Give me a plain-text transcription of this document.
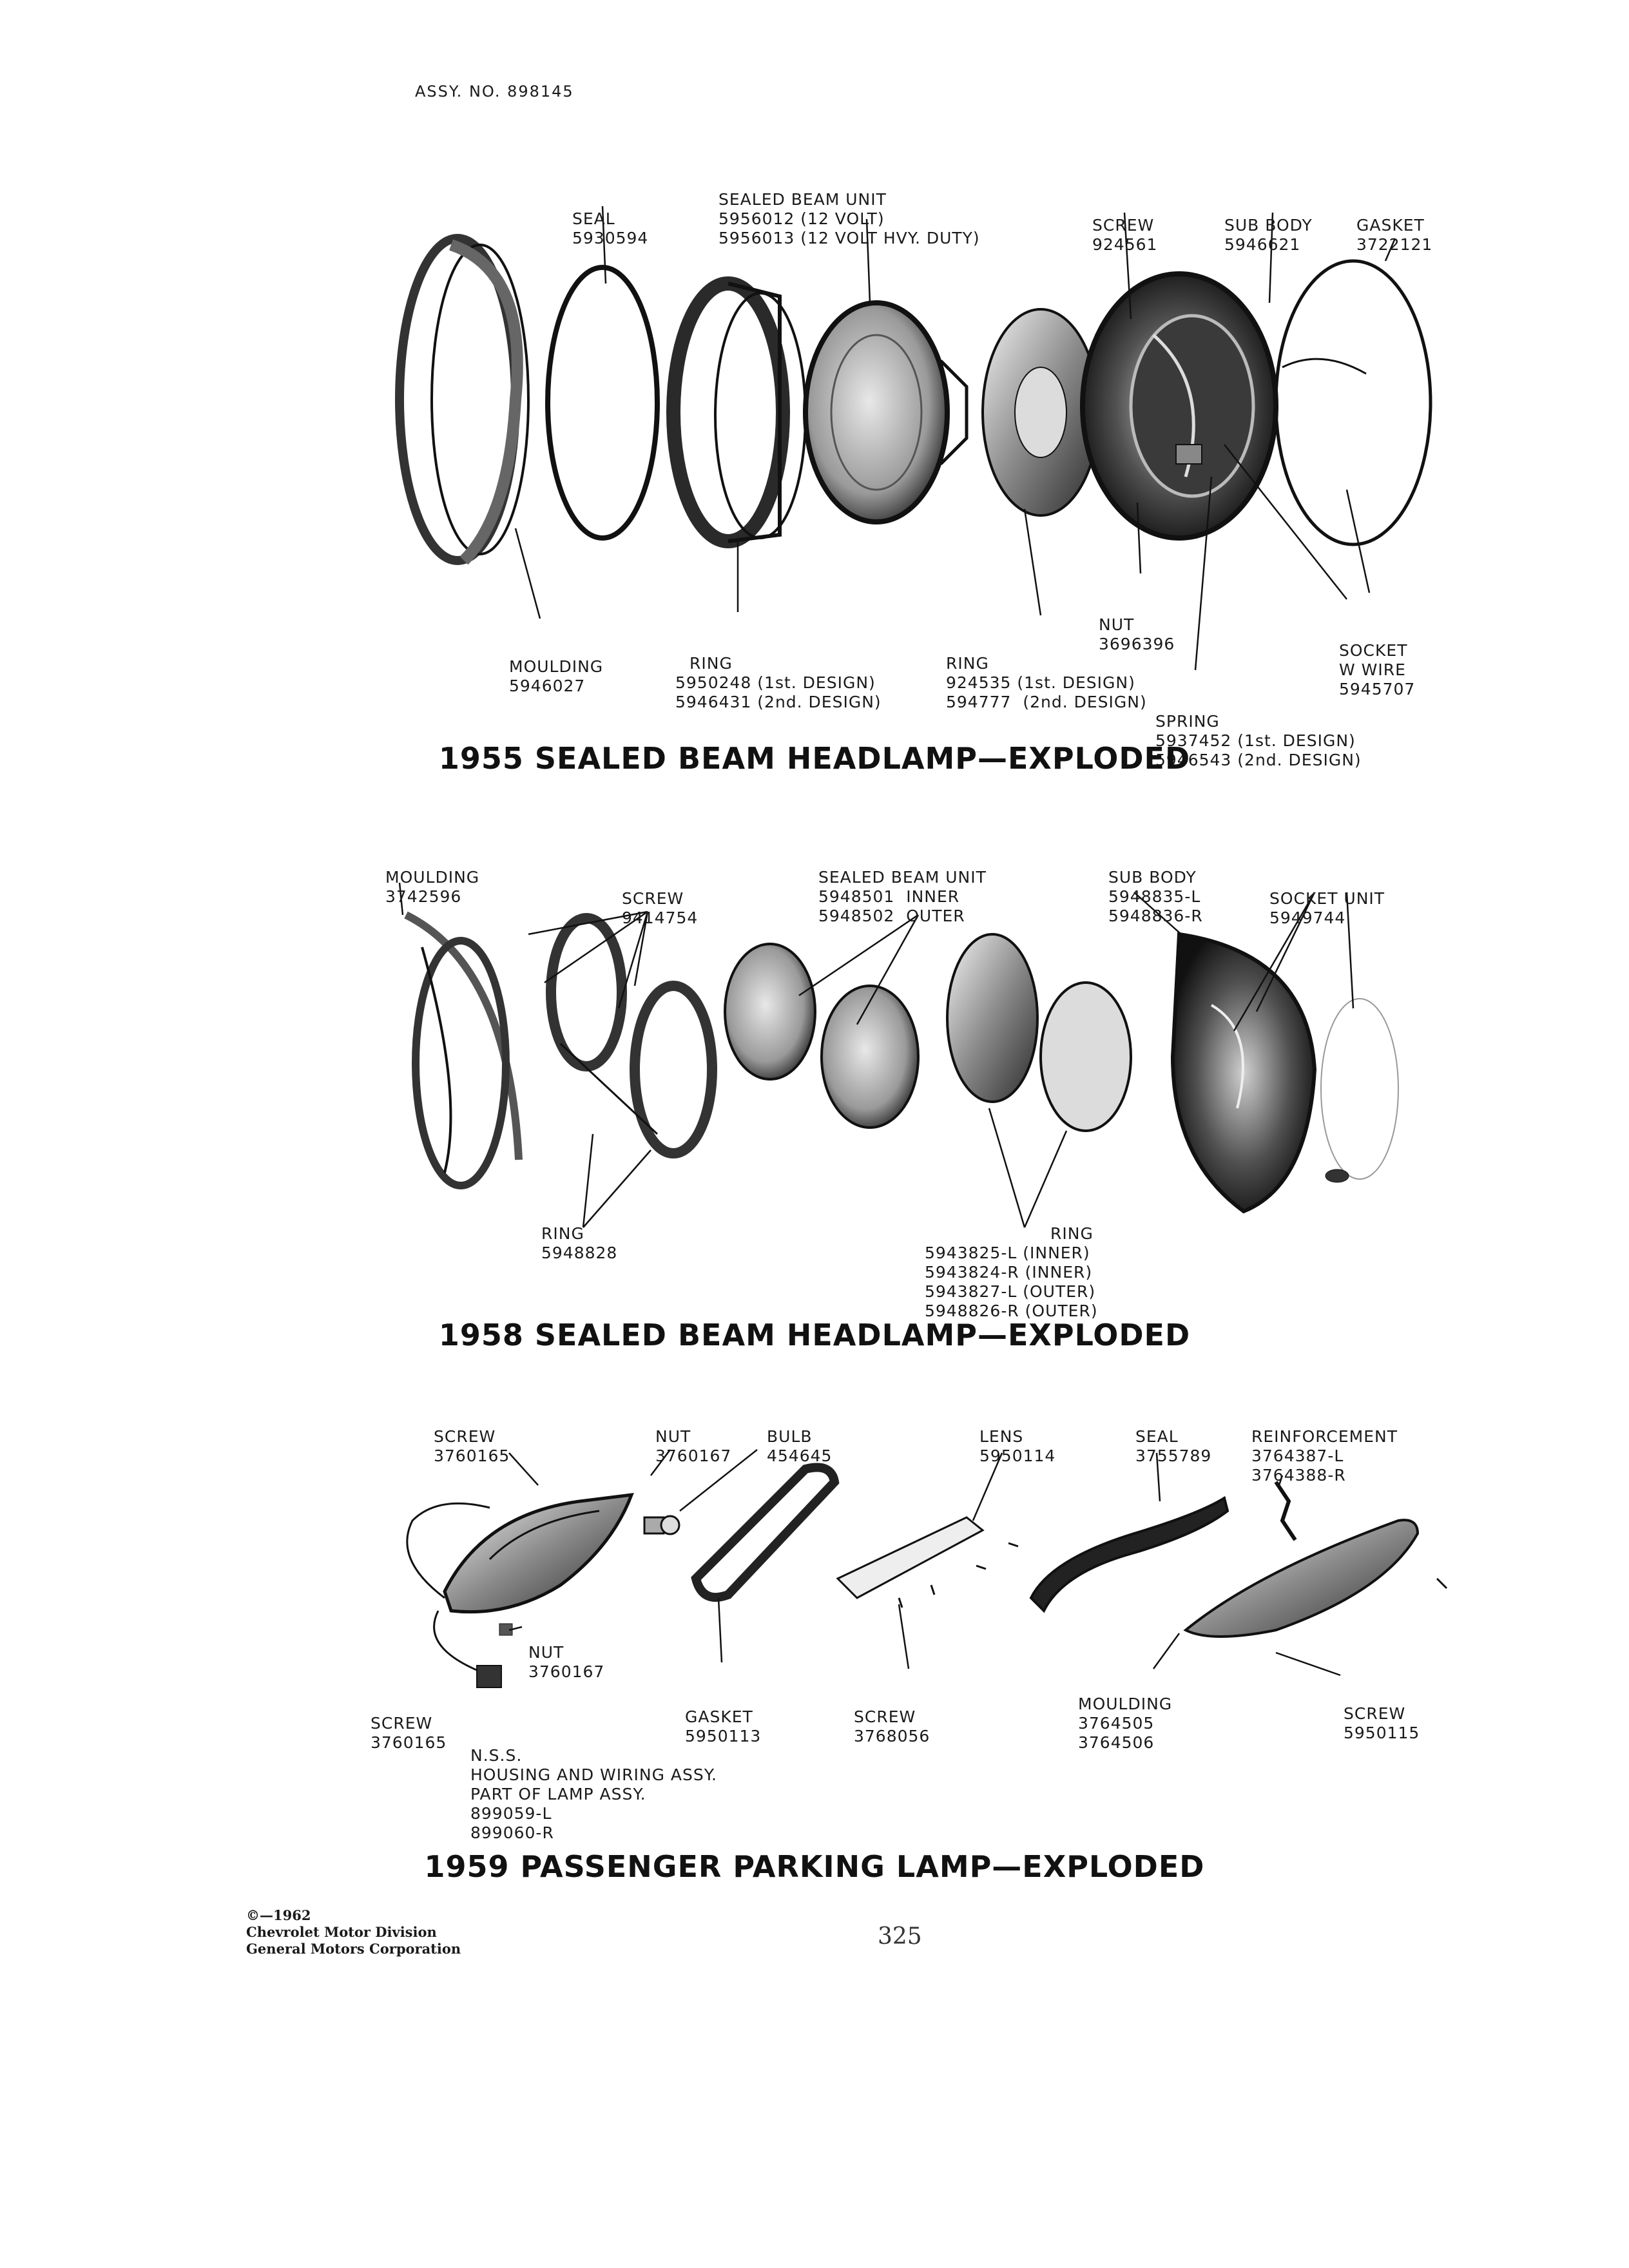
ASSY. NO. 898145

SEAL
5930594

SEALED BEAM UNIT
5956012 (12 VOLT)
5956013 (12 VOLT HVY. DUTY)

SCREW
924561

SUB BODY
5946621

GASKET
3722121

MOULDING
5946027

RING
5950248 (1st. DESIGN)
5946431 (2nd. DESIGN)

RING
924535 (1st. DESIGN)
594777  (2nd. DESIGN)

NUT
3696396

	SOCKET
W WIRE
5945707

SPRING
5937452 (1st. DESIGN)
5946543 (2nd. DESIGN)

1955 SEALED BEAM HEADLAMP—EXPLODED

MOULDING
3742596

	SCREW
9414754

SEALED BEAM UNIT
5948501  INNER
5948502  OUTER

SUB BODY
5948835-L
5948836-R

SOCKET UNIT
5949744

RING
5948828

RING
5943825-L (INNER)
5943824-R (INNER)
5943827-L (OUTER)
5948826-R (OUTER)

1958 SEALED BEAM HEADLAMP—EXPLODED

SCREW
3760165

NUT
3760167

BULB
454645

LENS
5950114

SEAL
3755789

REINFORCEMENT
3764387-L
3764388-R

NUT
3760167

SCREW
3760165

GASKET
5950113

SCREW
3768056

MOULDING
3764505
3764506

SCREW
5950115

N.S.S.
HOUSING AND WIRING ASSY.
PART OF LAMP ASSY.
899059-L
899060-R

1959 PASSENGER PARKING LAMP—EXPLODED
©—1962
Chevrolet Motor Division
General Motors Corporation	325
